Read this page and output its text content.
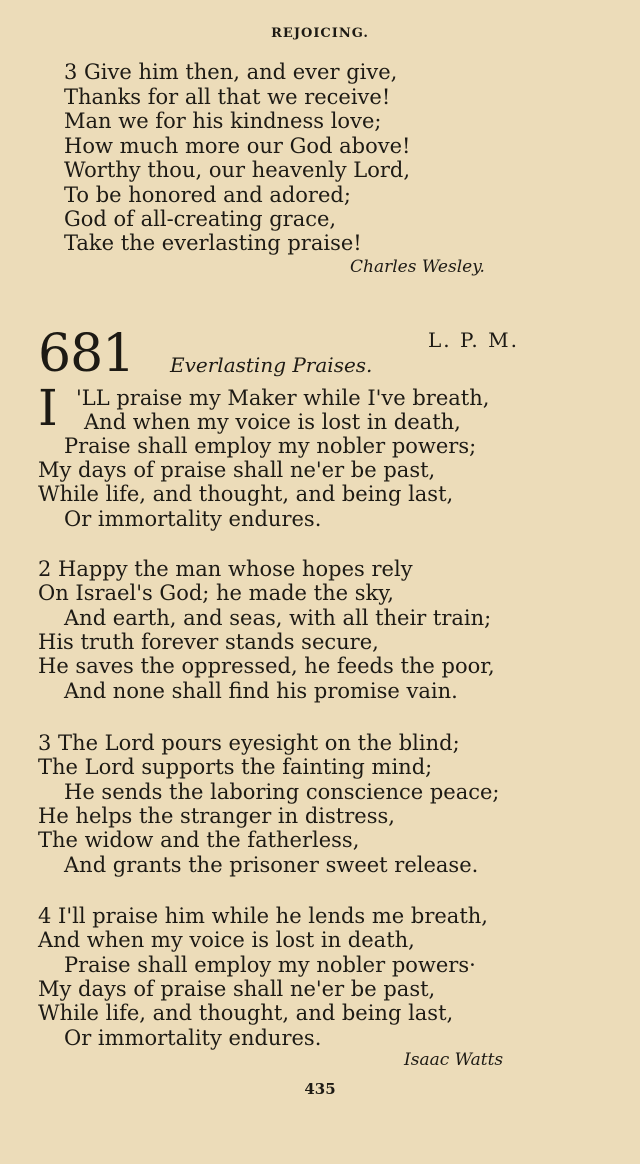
REJOICING.
3 Give him then, and ever give,
Thanks for all that we receive!
Man we for his kindness love;
How much more our God above!
Worthy thou, our heavenly Lord,
To be honored and adored;
God of all-creating grace,
Take the everlasting praise!
Charles Wesley.
681	L. P. M.
Everlasting Praises.
I 'LL praise my Maker while I've breath,
And when my voice is lost in death,
Praise shall employ my nobler powers;
My days of praise shall ne'er be past,
While life, and thought, and being last,
Or immortality endures.
2 Happy the man whose hopes rely
On Israel's God; he made the sky,
And earth, and seas, with all their train;
His truth forever stands secure,
He saves the oppressed, he feeds the poor,
And none shall find his promise vain.
3 The Lord pours eyesight on the blind;
The Lord supports the fainting mind;
He sends the laboring conscience peace;
He helps the stranger in distress,
The widow and the fatherless,
And grants the prisoner sweet release.
4 I'll praise him while he lends me breath,
And when my voice is lost in death,
Praise shall employ my nobler powers·
My days of praise shall ne'er be past,
While life, and thought, and being last,
Or immortality endures.
Isaac Watts
435
